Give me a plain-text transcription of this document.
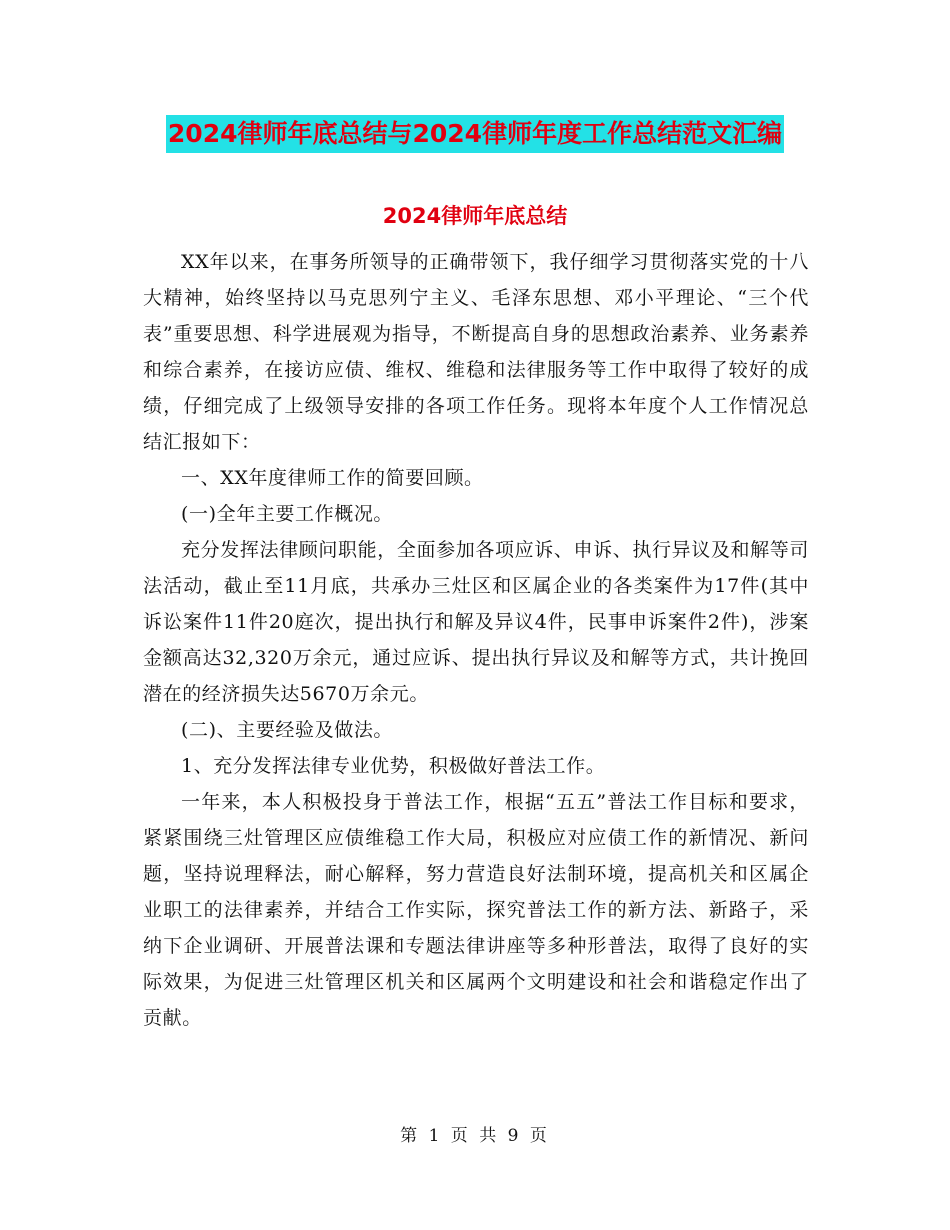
2024律师年底总结与2024律师年度工作总结范文汇编
2024律师年底总结

XX年以来，在事务所领导的正确带领下，我仔细学习贯彻落实党的十八大精神，始终坚持以马克思列宁主义、毛泽东思想、邓小平理论、“三个代表”重要思想、科学进展观为指导，不断提高自身的思想政治素养、业务素养和综合素养，在接访应债、维权、维稳和法律服务等工作中取得了较好的成绩，仔细完成了上级领导安排的各项工作任务。现将本年度个人工作情况总结汇报如下：

一、XX年度律师工作的简要回顾。

(一)全年主要工作概况。

充分发挥法律顾问职能，全面参加各项应诉、申诉、执行异议及和解等司法活动，截止至11月底，共承办三灶区和区属企业的各类案件为17件(其中诉讼案件11件20庭次，提出执行和解及异议4件，民事申诉案件2件)，涉案金额高达32,320万余元，通过应诉、提出执行异议及和解等方式，共计挽回潜在的经济损失达5670万余元。

(二)、主要经验及做法。

1、充分发挥法律专业优势，积极做好普法工作。

一年来，本人积极投身于普法工作，根据“五五”普法工作目标和要求，紧紧围绕三灶管理区应债维稳工作大局，积极应对应债工作的新情况、新问题，坚持说理释法，耐心解释，努力营造良好法制环境，提高机关和区属企业职工的法律素养，并结合工作实际，探究普法工作的新方法、新路子，采纳下企业调研、开展普法课和专题法律讲座等多种形普法，取得了良好的实际效果，为促进三灶管理区机关和区属两个文明建设和社会和谐稳定作出了贡献。

第 1 页 共 9 页
